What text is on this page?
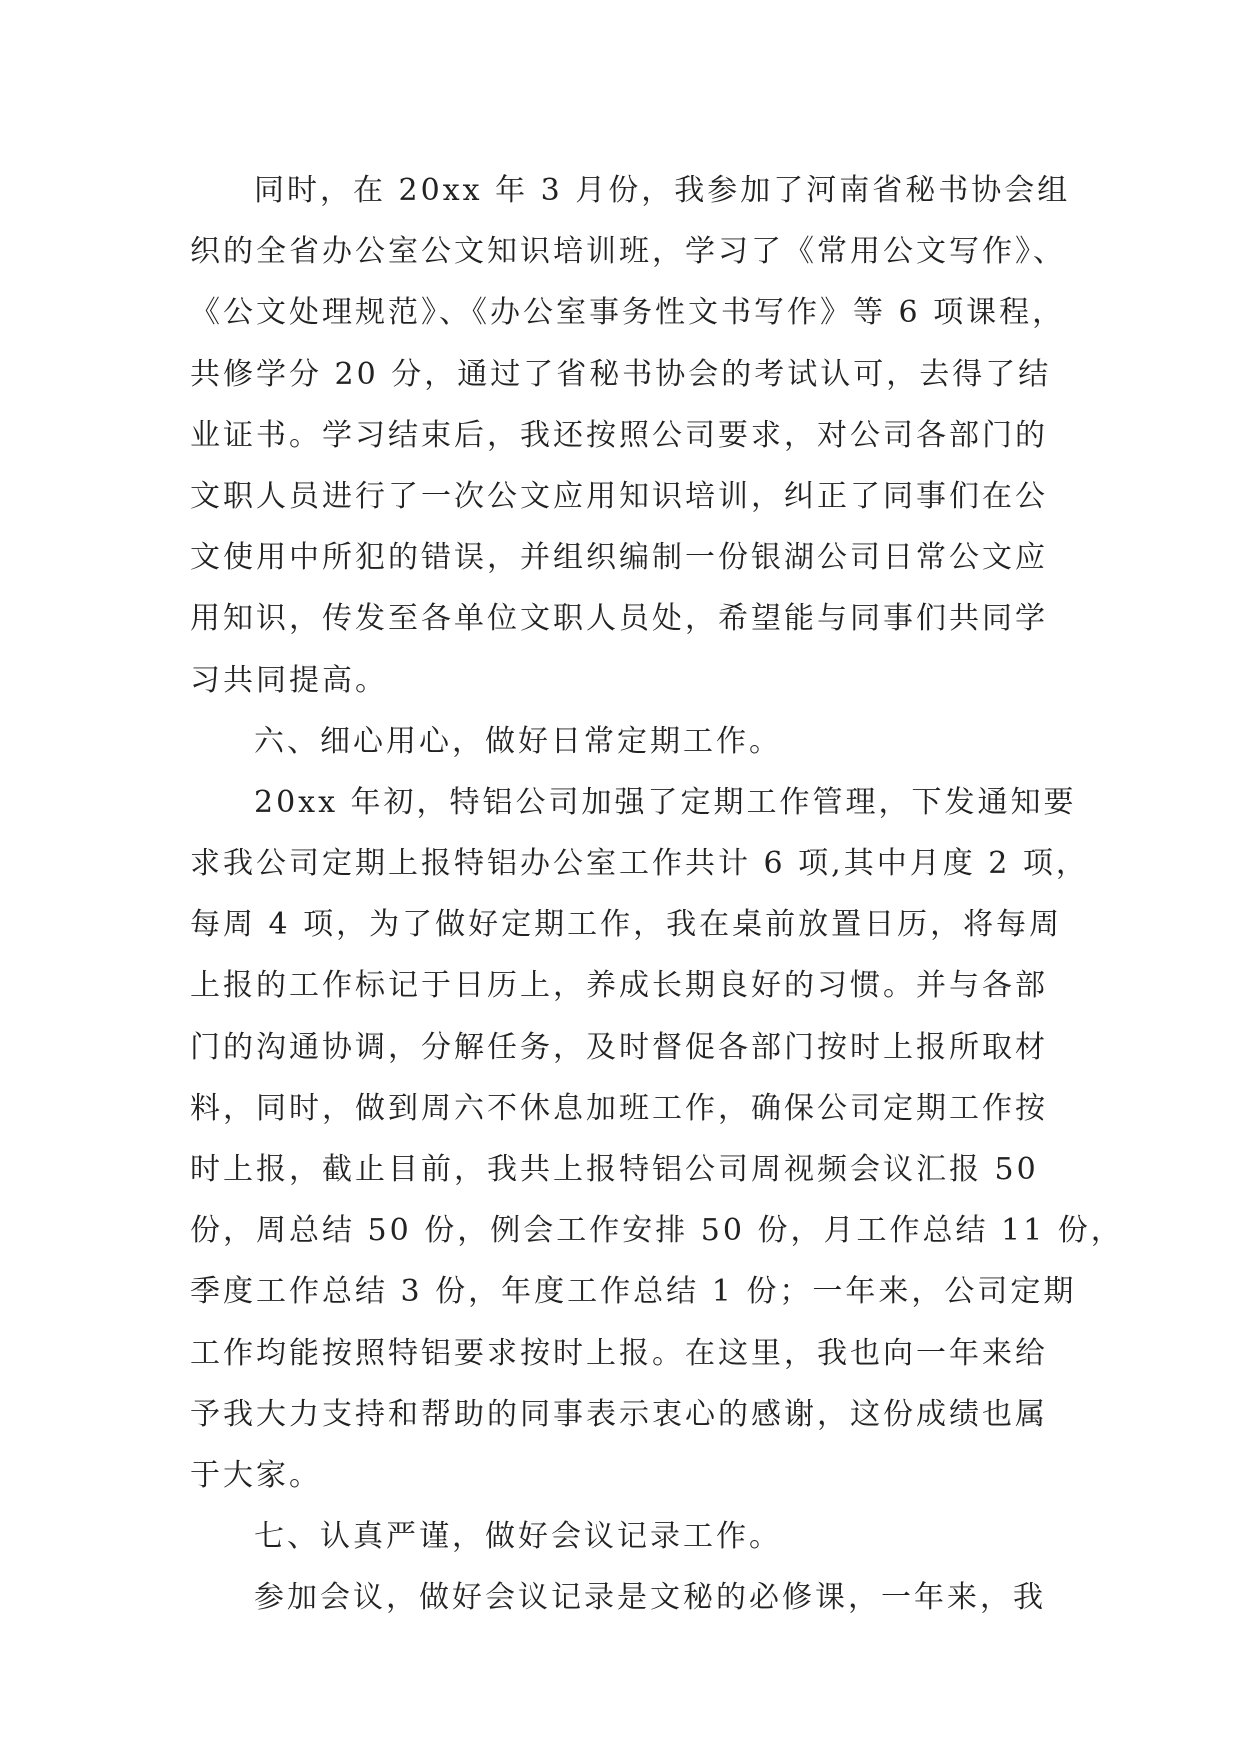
同时，在 20xx 年 3 月份，我参加了河南省秘书协会组
织的全省办公室公文知识培训班，学习了《常用公文写作》、
《公文处理规范》、《办公室事务性文书写作》等 6 项课程，
共修学分 20 分，通过了省秘书协会的考试认可，去得了结
业证书。学习结束后，我还按照公司要求，对公司各部门的
文职人员进行了一次公文应用知识培训，纠正了同事们在公
文使用中所犯的错误，并组织编制一份银湖公司日常公文应
用知识，传发至各单位文职人员处，希望能与同事们共同学
习共同提高。
六、细心用心，做好日常定期工作。
20xx 年初，特铝公司加强了定期工作管理，下发通知要
求我公司定期上报特铝办公室工作共计 6 项,其中月度 2 项，
每周 4 项，为了做好定期工作，我在桌前放置日历，将每周
上报的工作标记于日历上，养成长期良好的习惯。并与各部
门的沟通协调，分解任务，及时督促各部门按时上报所取材
料，同时，做到周六不休息加班工作，确保公司定期工作按
时上报，截止目前，我共上报特铝公司周视频会议汇报 50
份，周总结 50 份，例会工作安排 50 份，月工作总结 11 份，
季度工作总结 3 份，年度工作总结 1 份；一年来，公司定期
工作均能按照特铝要求按时上报。在这里，我也向一年来给
予我大力支持和帮助的同事表示衷心的感谢，这份成绩也属
于大家。
七、认真严谨，做好会议记录工作。
参加会议，做好会议记录是文秘的必修课，一年来，我
